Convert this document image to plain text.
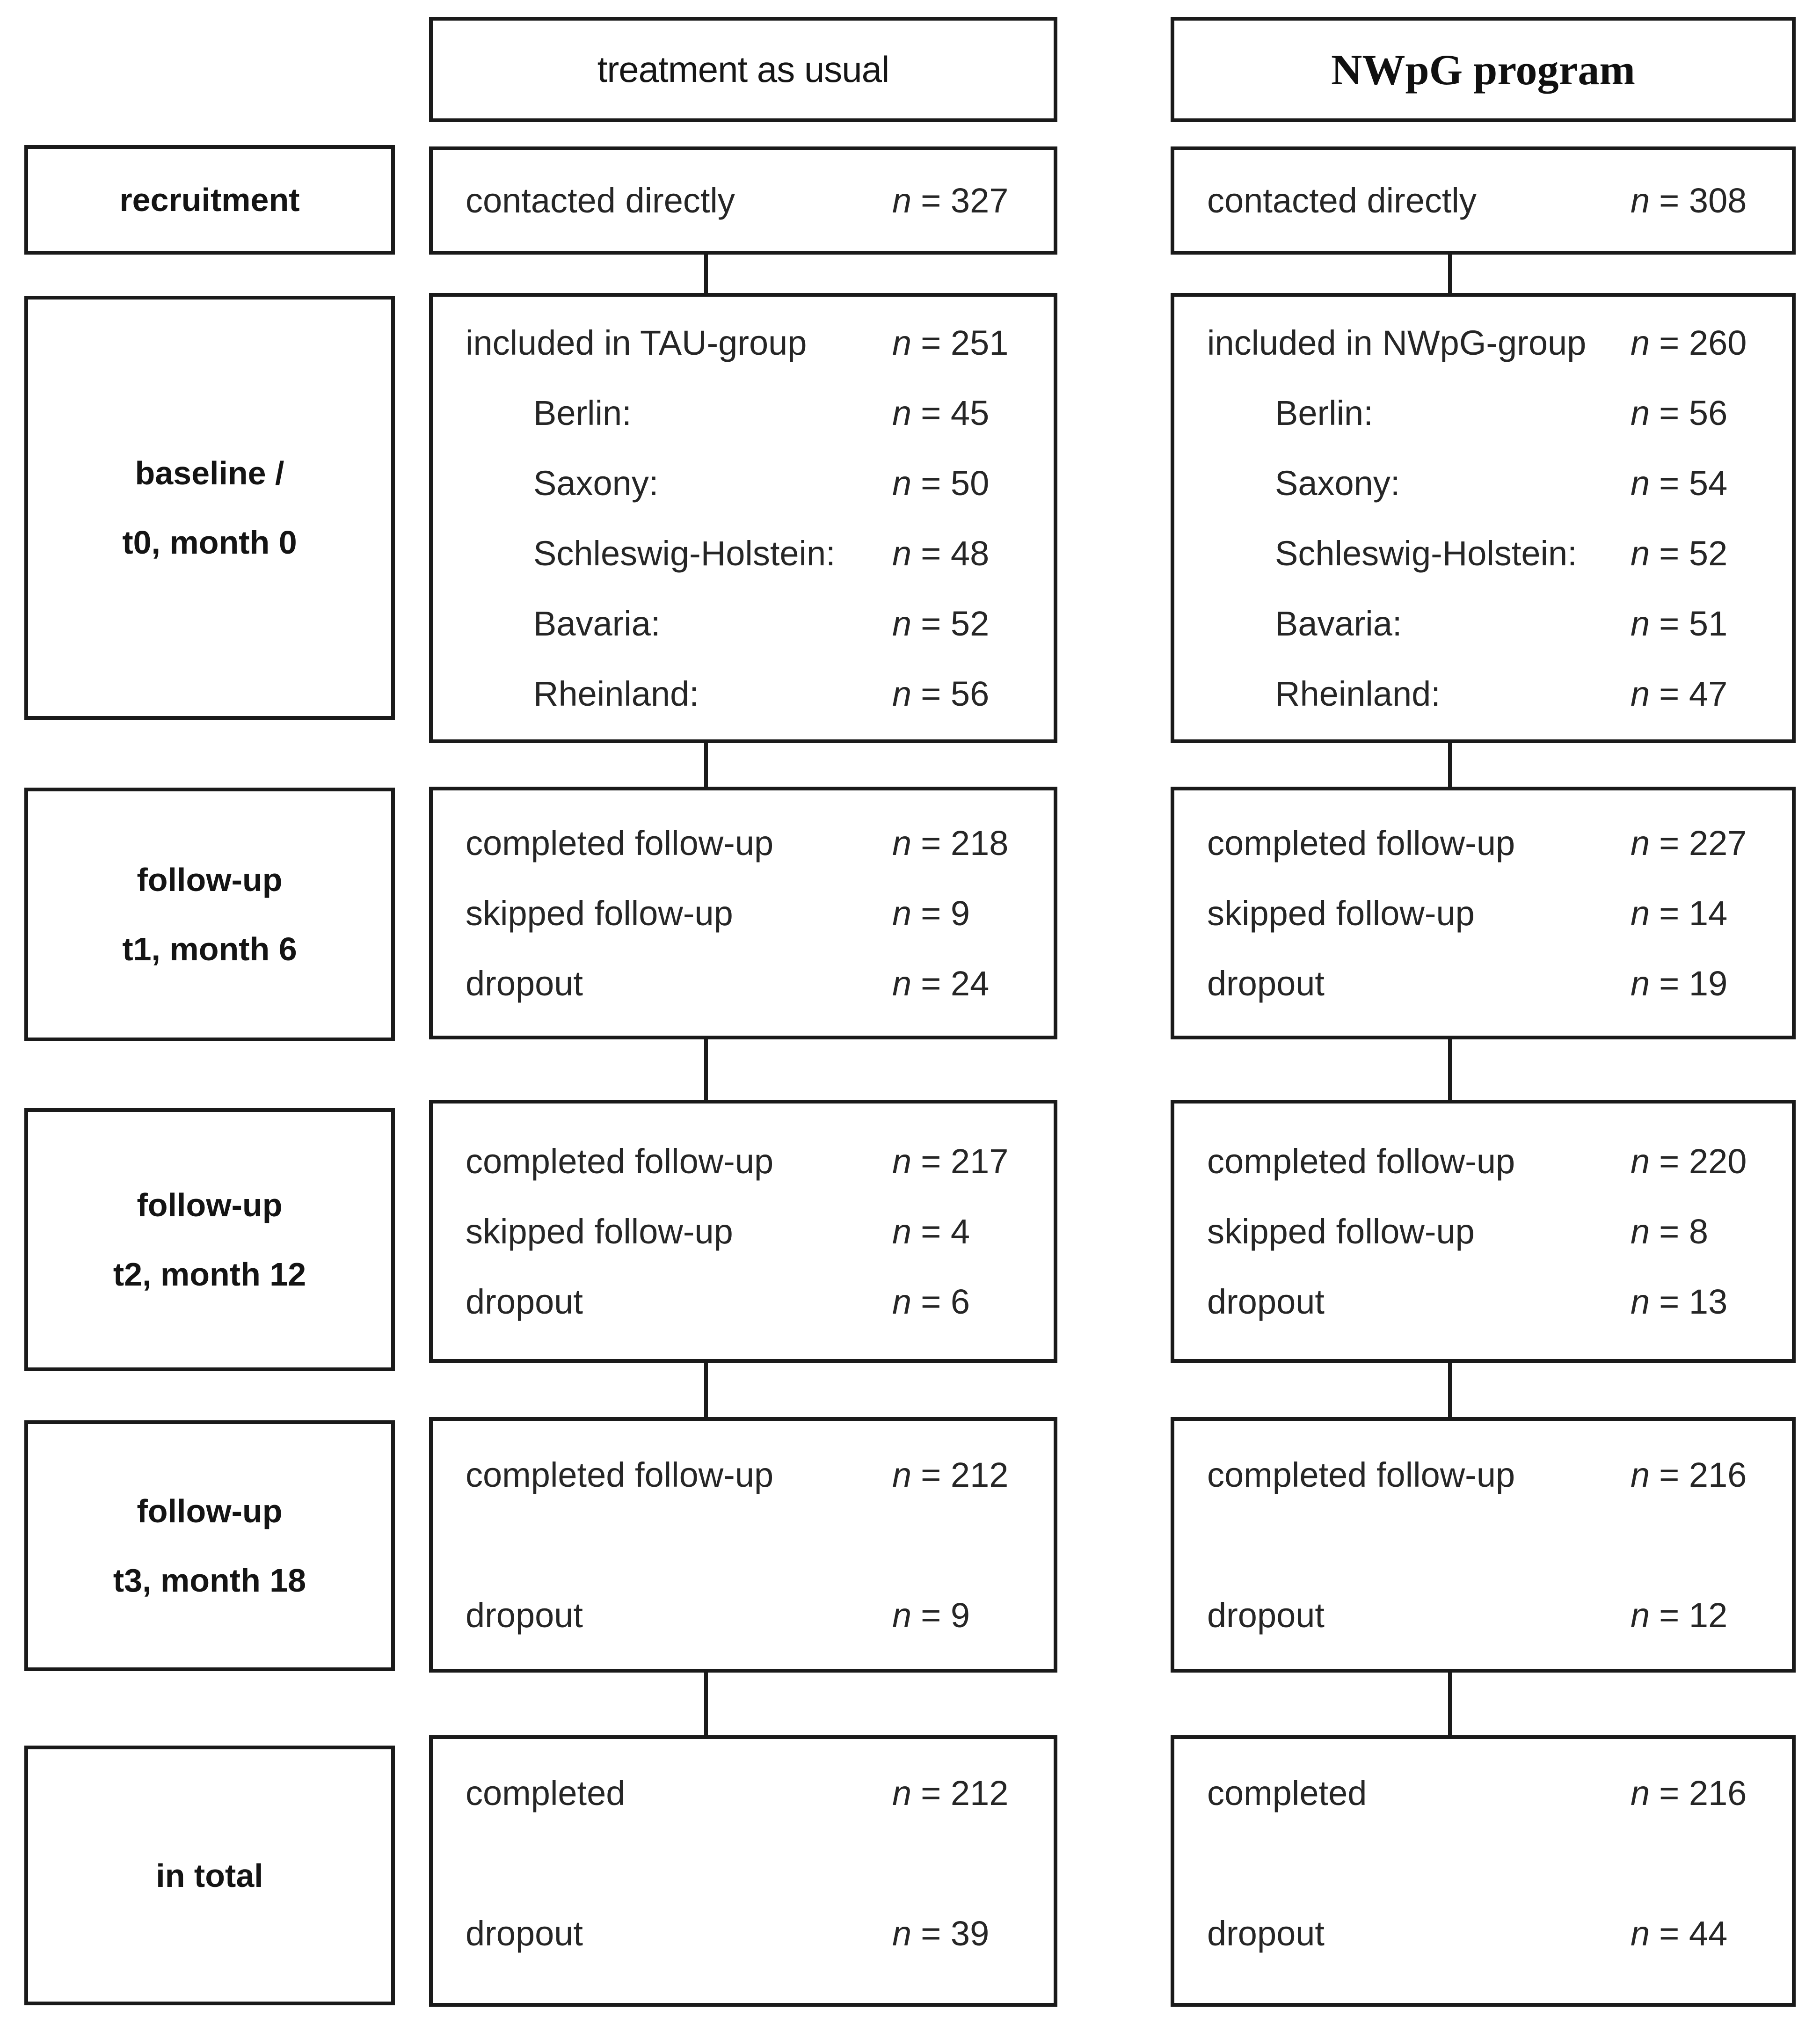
treatment as usual	NWpG program
recruitment
baseline /
t0, month 0
follow-up
t1, month 6
follow-up
t2, month 12
follow-up
t3, month 18
in total
contacted directly	n = 327
included in TAU-group	n = 251
Berlin:	n = 45
Saxony:	n = 50
Schleswig-Holstein:	n = 48
Bavaria:	n = 52
Rheinland:	n = 56
completed follow-up	n = 218
skipped follow-up	n = 9
dropout	n = 24
completed follow-up	n = 217
skipped follow-up	n = 4
dropout	n = 6
completed follow-up	n = 212
dropout	n = 9
completed	n = 212
dropout	n = 39
contacted directly	n = 308
included in NWpG-group	n = 260
Berlin:	n = 56
Saxony:	n = 54
Schleswig-Holstein:	n = 52
Bavaria:	n = 51
Rheinland:	n = 47
completed follow-up	n = 227
skipped follow-up	n = 14
dropout	n = 19
completed follow-up	n = 220
skipped follow-up	n = 8
dropout	n = 13
completed follow-up	n = 216
dropout	n = 12
completed	n = 216
dropout	n = 44
